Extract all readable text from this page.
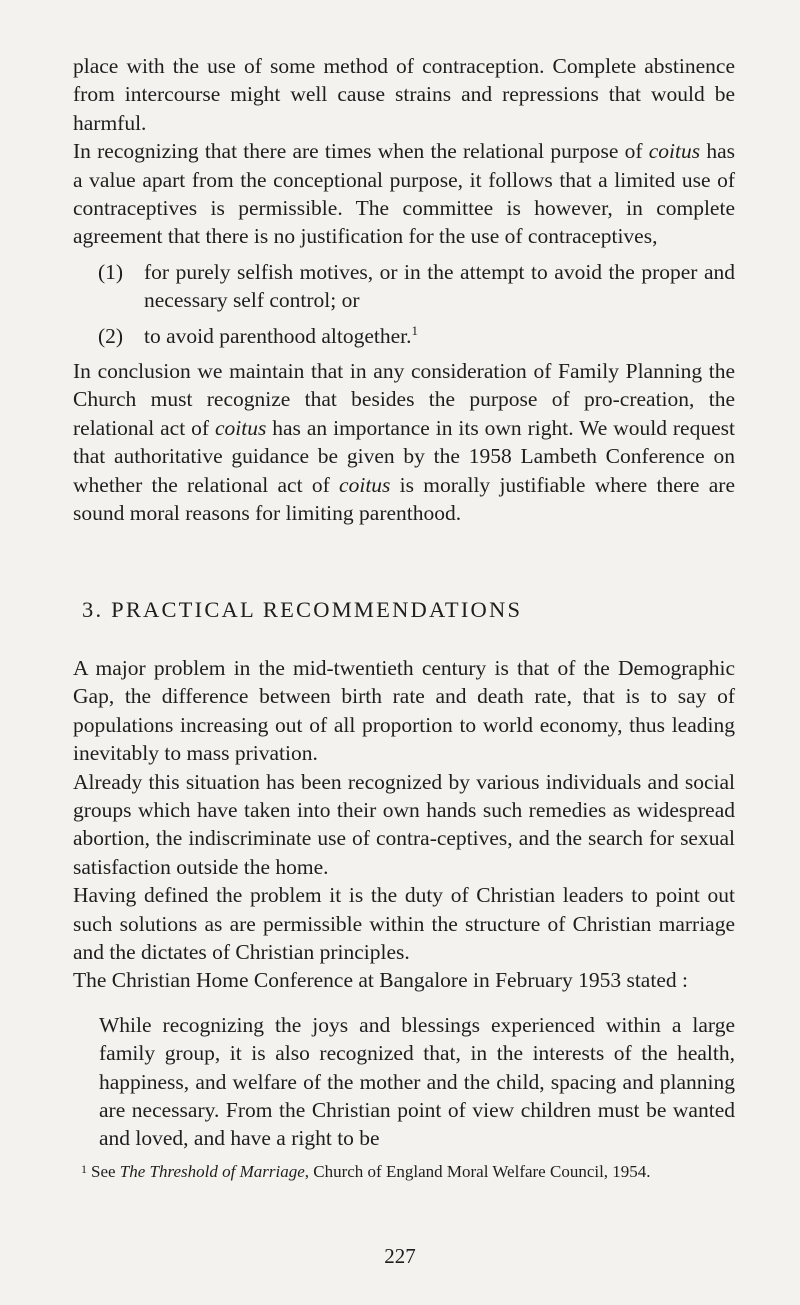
place with the use of some method of contraception. Complete abstinence from intercourse might well cause strains and repressions that would be harmful.

In recognizing that there are times when the relational purpose of coitus has a value apart from the conceptional purpose, it follows that a limited use of contraceptives is permissible. The committee is however, in complete agreement that there is no justification for the use of contraceptives,

(1) for purely selfish motives, or in the attempt to avoid the proper and necessary self control; or
(2) to avoid parenthood altogether.$^1$

In conclusion we maintain that in any consideration of Family Planning the Church must recognize that besides the purpose of pro-creation, the relational act of coitus has an importance in its own right. We would request that authoritative guidance be given by the 1958 Lambeth Conference on whether the relational act of coitus is morally justifiable where there are sound moral reasons for limiting parenthood.

3. PRACTICAL RECOMMENDATIONS

A major problem in the mid-twentieth century is that of the Demographic Gap, the difference between birth rate and death rate, that is to say of populations increasing out of all proportion to world economy, thus leading inevitably to mass privation.

Already this situation has been recognized by various individuals and social groups which have taken into their own hands such remedies as widespread abortion, the indiscriminate use of contra-ceptives, and the search for sexual satisfaction outside the home.

Having defined the problem it is the duty of Christian leaders to point out such solutions as are permissible within the structure of Christian marriage and the dictates of Christian principles.

The Christian Home Conference at Bangalore in February 1953 stated :

While recognizing the joys and blessings experienced within a large family group, it is also recognized that, in the interests of the health, happiness, and welfare of the mother and the child, spacing and planning are necessary. From the Christian point of view children must be wanted and loved, and have a right to be

$^1$ See The Threshold of Marriage, Church of England Moral Welfare Council, 1954.

227
